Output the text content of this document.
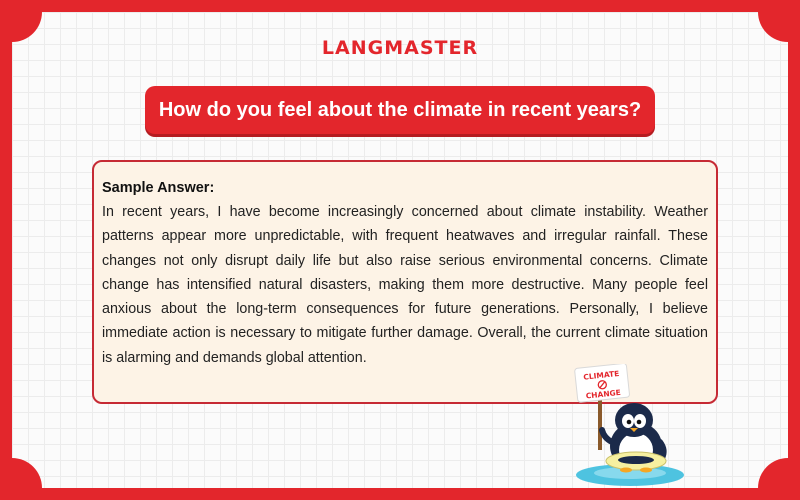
LANGMASTER
How do you feel about the climate in recent years?
Sample Answer:

In recent years, I have become increasingly concerned about climate instability. Weather patterns appear more unpredictable, with frequent heatwaves and irregular rainfall. These changes not only disrupt daily life but also raise serious environmental concerns. Climate change has intensified natural disasters, making them more destructive. Many people feel anxious about the long-term consequences for future generations. Personally, I believe immediate action is necessary to mitigate further damage. Overall, the current climate situation is alarming and demands global attention.

CLIMATE
CHANGE
